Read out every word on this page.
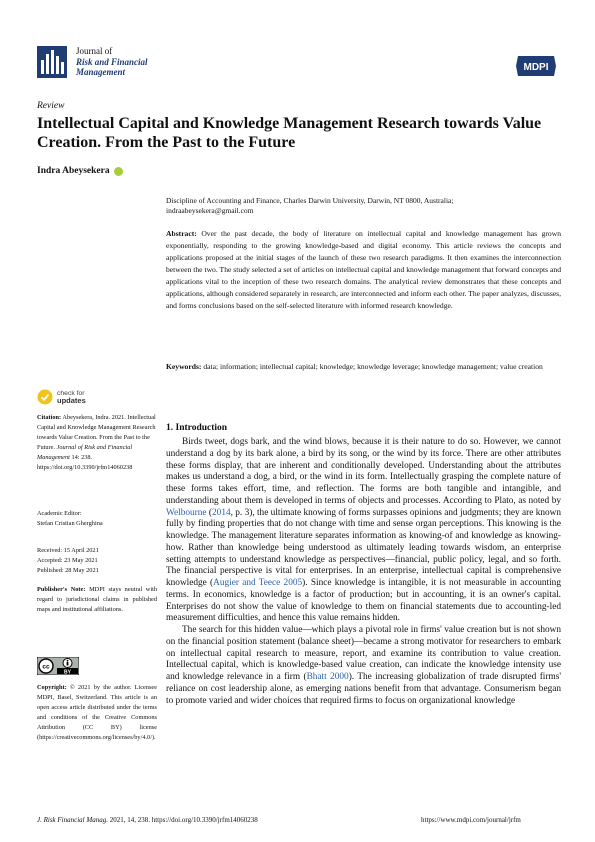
Journal of
Risk and Financial
Management	MDPI
Review
Intellectual Capital and Knowledge Management Research towards Value Creation. From the Past to the Future
Indra Abeysekera
Discipline of Accounting and Finance, Charles Darwin University, Darwin, NT 0800, Australia;
indraabeysekera@gmail.com
Abstract: Over the past decade, the body of literature on intellectual capital and knowledge management has grown exponentially, responding to the growing knowledge-based and digital economy. This article reviews the concepts and applications proposed at the initial stages of the launch of these two research paradigms. It then examines the interconnection between the two. The study selected a set of articles on intellectual capital and knowledge management that forward concepts and applications vital to the inception of these two research domains. The analytical review demonstrates that these concepts and applications, although considered separately in research, are interconnected and inform each other. The paper analyzes, discusses, and forms conclusions based on the self-selected literature with informed research knowledge.
Keywords: data; information; intellectual capital; knowledge; knowledge leverage; knowledge management; value creation
check for
updates
Citation: Abeysekera, Indra. 2021. Intellectual Capital and Knowledge Management Research towards Value Creation. From the Past to the Future. Journal of Risk and Financial Management 14: 238. https://doi.org/10.3390/jrfm14060238
Academic Editor:
Stefan Cristian Gherghina
Received: 15 April 2021
Accepted: 23 May 2021
Published: 28 May 2021
Publisher's Note: MDPI stays neutral with regard to jurisdictional claims in published maps and institutional affiliations.
cc
BY
Copyright: © 2021 by the author. Licensee MDPI, Basel, Switzerland. This article is an open access article distributed under the terms and conditions of the Creative Commons Attribution (CC BY) license (https://creativecommons.org/licenses/by/4.0/).
1. Introduction

Birds tweet, dogs bark, and the wind blows, because it is their nature to do so. However, we cannot understand a dog by its bark alone, a bird by its song, or the wind by its force. There are other attributes these forms display, that are inherent and conditionally developed. Understanding about the attributes makes us understand a dog, a bird, or the wind in its form. Intellectually grasping the complete nature of these forms takes effort, time, and reflection. The forms are both tangible and intangible, and understanding about them is developed in terms of objects and processes. According to Plato, as noted by Welbourne (2014, p. 3), the ultimate knowing of forms surpasses opinions and judgments; they are known fully by finding properties that do not change with time and sense organ perceptions. This knowing is the knowledge. The management literature separates information as knowing-of and knowledge as knowing-how. Rather than knowledge being understood as ultimately leading towards wisdom, an enterprise setting attempts to understand knowledge as perspectives—financial, public policy, legal, and so forth. The financial perspective is vital for enterprises. In an enterprise, intellectual capital is comprehensive knowledge (Augier and Teece 2005). Since knowledge is intangible, it is not measurable in accounting terms. In economics, knowledge is a factor of production; but in accounting, it is an owner's capital. Enterprises do not show the value of knowledge to them on financial statements due to accounting-led measurement difficulties, and hence this value remains hidden.

The search for this hidden value—which plays a pivotal role in firms' value creation but is not shown on the financial position statement (balance sheet)—became a strong motivator for researchers to embark on intellectual capital research to measure, report, and examine its contribution to value creation. Intellectual capital, which is knowledge-based value creation, can indicate the knowledge intensity use and knowledge relevance in a firm (Bhatt 2000). The increasing globalization of trade disrupted firms' reliance on cost leadership alone, as emerging nations benefit from that advantage. Consumerism began to promote varied and wider choices that required firms to focus on organizational knowledge

J. Risk Financial Manag. 2021, 14, 238. https://doi.org/10.3390/jrfm14060238	https://www.mdpi.com/journal/jrfm
